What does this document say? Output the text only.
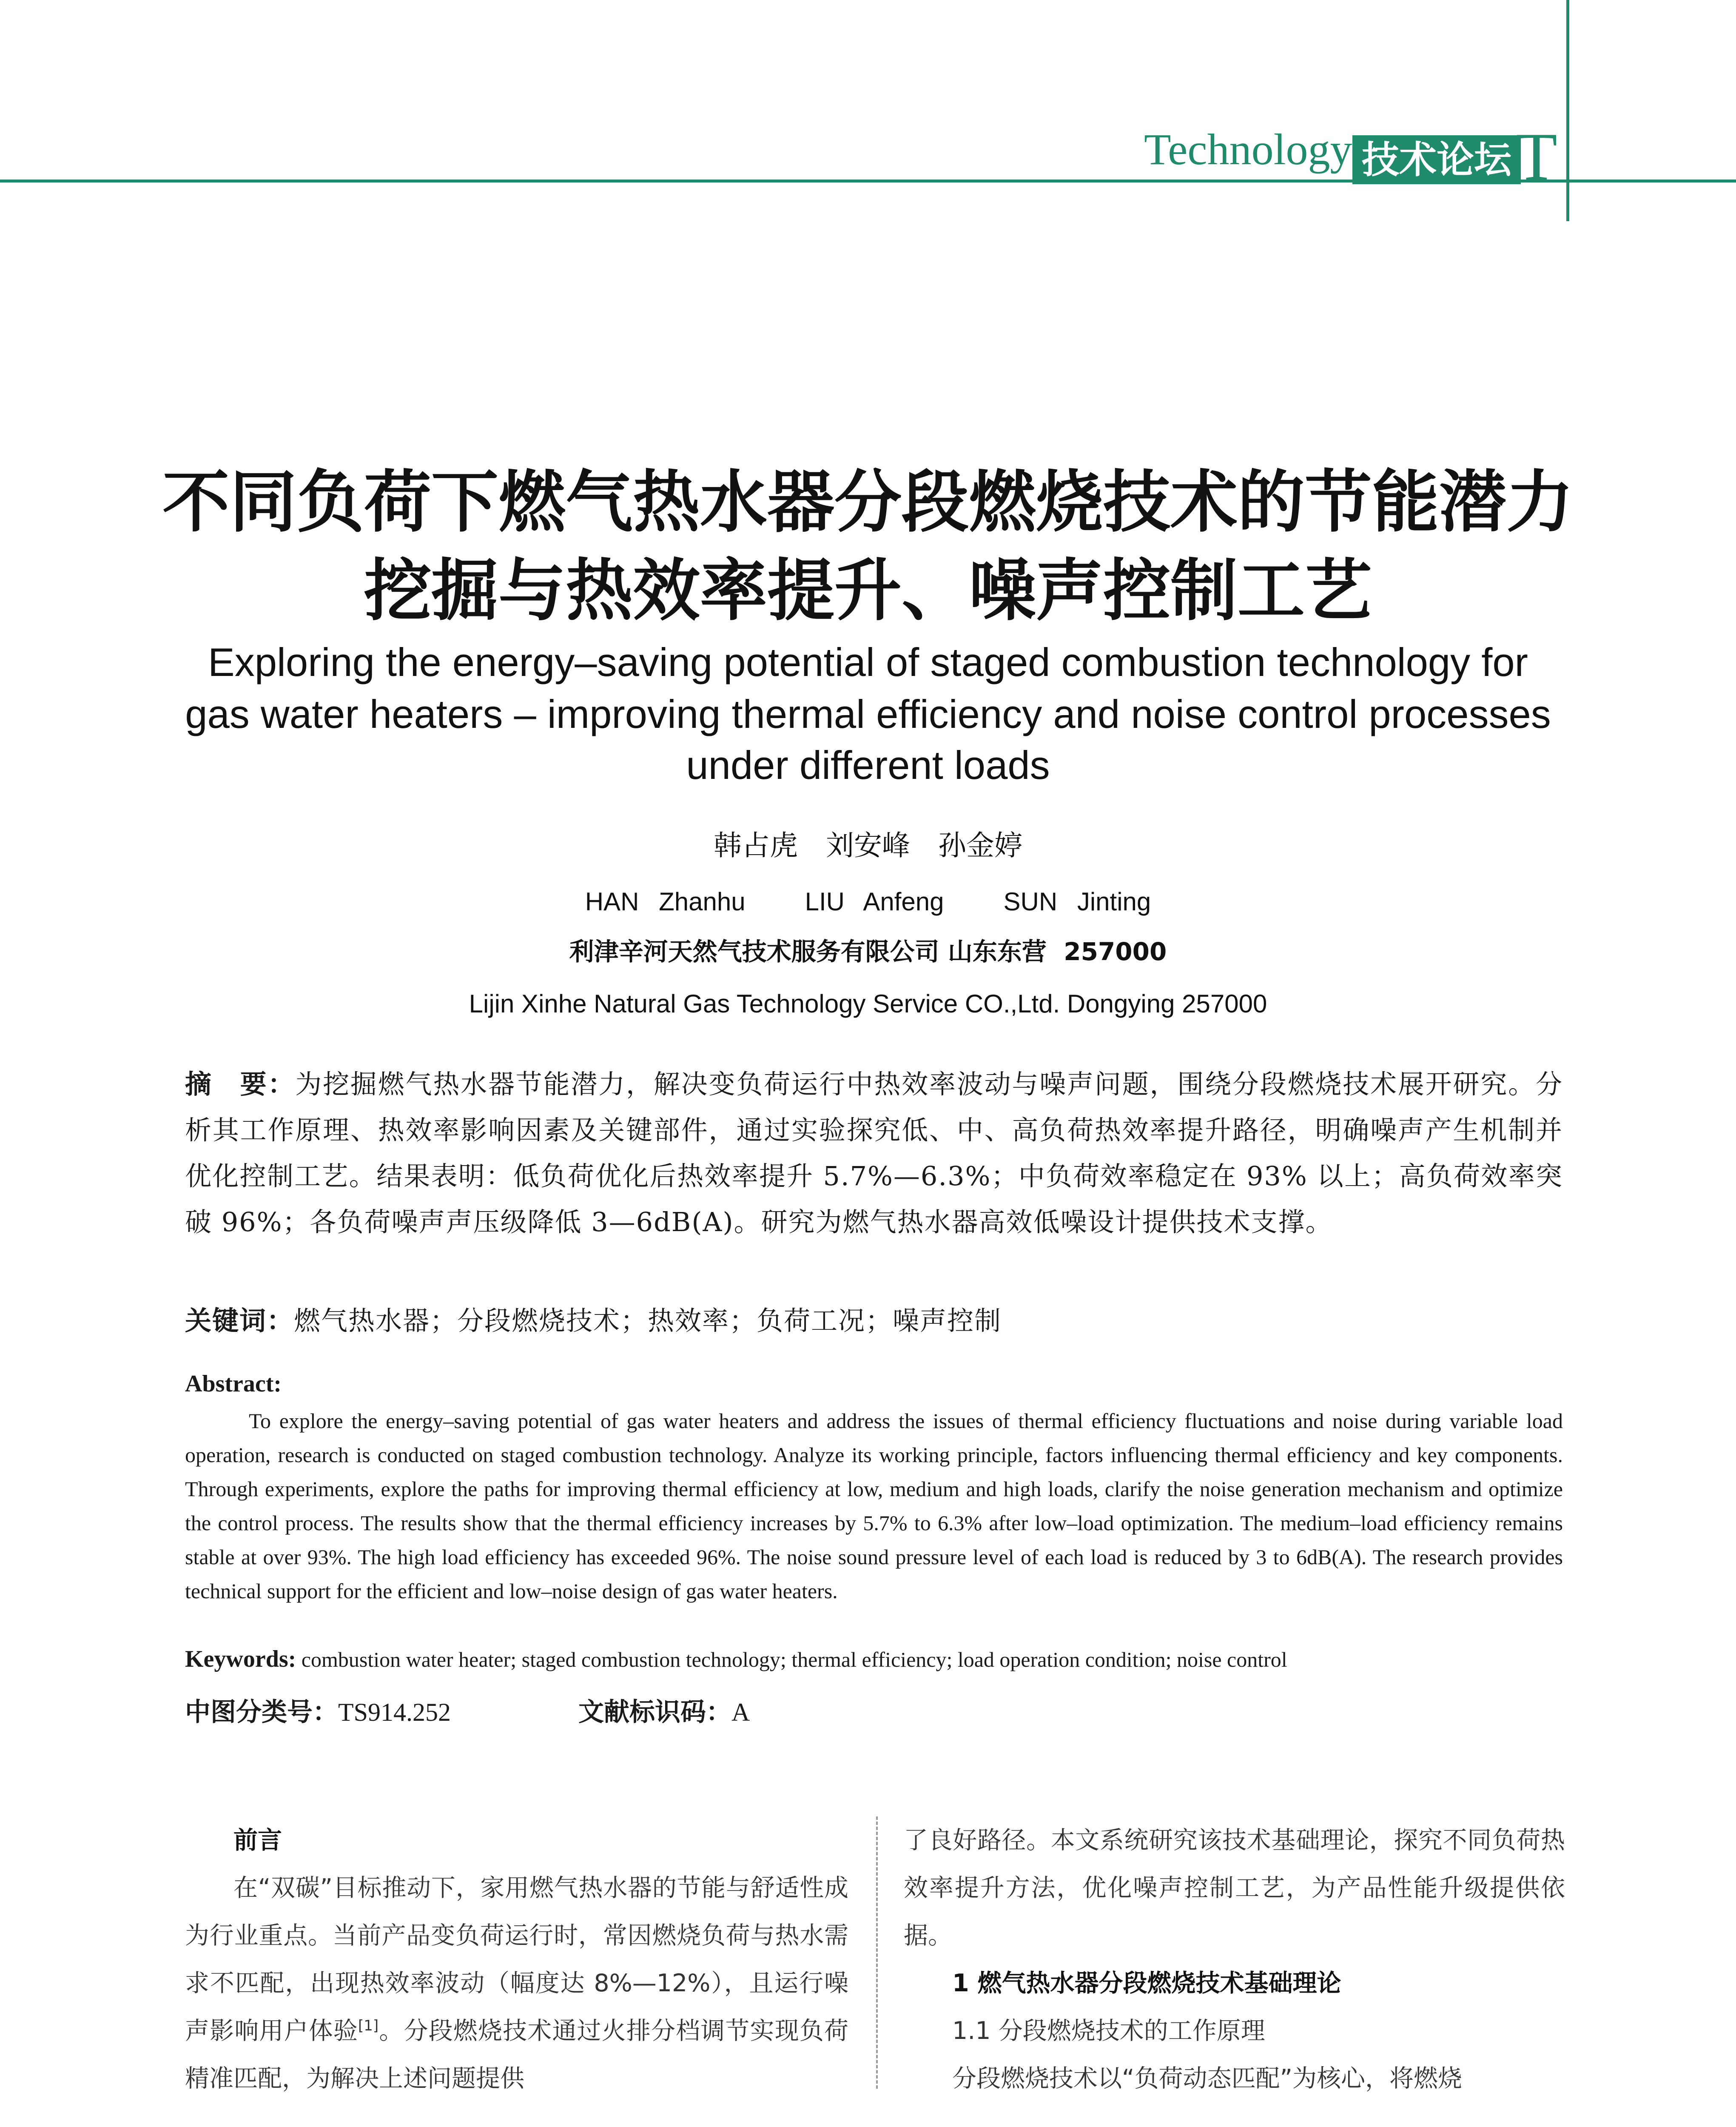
Technology 技术论坛 T
不同负荷下燃气热水器分段燃烧技术的节能潜力
挖掘与热效率提升、噪声控制工艺
Exploring the energy–saving potential of staged combustion technology for
gas water heaters – improving thermal efficiency and noise control processes
under different loads
韩占虎　刘安峰　孙金婷
HAN Zhanhu   LIU Anfeng   SUN Jinting
利津辛河天然气技术服务有限公司 山东东营  257000
Lijin Xinhe Natural Gas Technology Service CO.,Ltd. Dongying 257000
摘　要：为挖掘燃气热水器节能潜力，解决变负荷运行中热效率波动与噪声问题，围绕分段燃烧技术展开研究。分析其工作原理、热效率影响因素及关键部件，通过实验探究低、中、高负荷热效率提升路径，明确噪声产生机制并优化控制工艺。结果表明：低负荷优化后热效率提升 5.7%—6.3%；中负荷效率稳定在 93% 以上；高负荷效率突破 96%；各负荷噪声声压级降低 3—6dB(A)。研究为燃气热水器高效低噪设计提供技术支撑。
关键词：燃气热水器；分段燃烧技术；热效率；负荷工况；噪声控制
Abstract:
To explore the energy–saving potential of gas water heaters and address the issues of thermal efficiency fluctuations and noise during variable load operation, research is conducted on staged combustion technology. Analyze its working principle, factors influencing thermal efficiency and key components. Through experiments, explore the paths for improving thermal efficiency at low, medium and high loads, clarify the noise generation mechanism and optimize the control process. The results show that the thermal efficiency increases by 5.7% to 6.3% after low–load optimization. The medium–load efficiency remains stable at over 93%. The high load efficiency has exceeded 96%. The noise sound pressure level of each load is reduced by 3 to 6dB(A). The research provides technical support for the efficient and low–noise design of gas water heaters.
Keywords: combustion water heater; staged combustion technology; thermal efficiency; load operation condition; noise control
中图分类号：TS914.252	文献标识码：A
前言
在“双碳”目标推动下，家用燃气热水器的节能与舒适性成为行业重点。当前产品变负荷运行时，常因燃烧负荷与热水需求不匹配，出现热效率波动（幅度达 8%—12%），且运行噪声影响用户体验[1]。分段燃烧技术通过火排分档调节实现负荷精准匹配，为解决上述问题提供
了良好路径。本文系统研究该技术基础理论，探究不同负荷热效率提升方法，优化噪声控制工艺，为产品性能升级提供依据。
1 燃气热水器分段燃烧技术基础理论
1.1 分段燃烧技术的工作原理
分段燃烧技术以“负荷动态匹配”为核心，将燃烧
